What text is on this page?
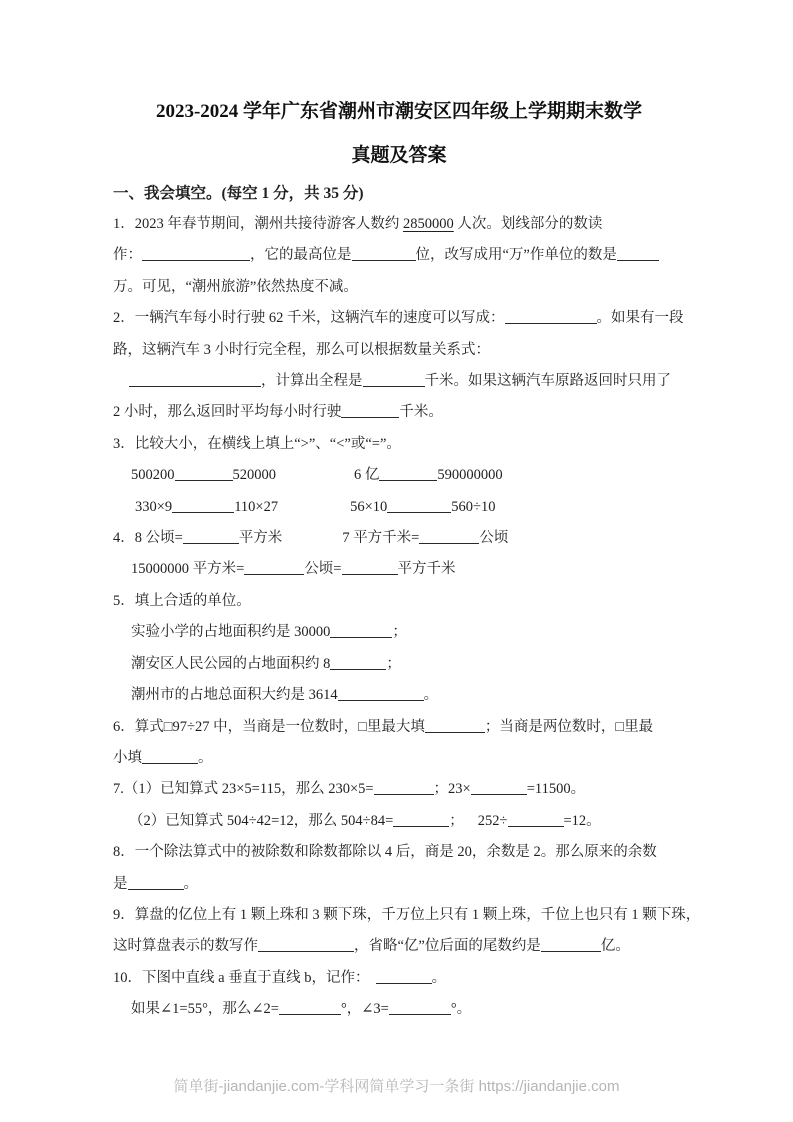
2023-2024 学年广东省潮州市潮安区四年级上学期期末数学
真题及答案
一、我会填空。(每空 1 分，共 35 分)
1．2023 年春节期间，潮州共接待游客人数约 2850000 人次。划线部分的数读
作：	，它的最高位是	位，改写成用“万”作单位的数是
万。可见，“潮州旅游”依然热度不减。
2．一辆汽车每小时行驶 62 千米，这辆汽车的速度可以写成：	。如果有一段
路，这辆汽车 3 小时行完全程，那么可以根据数量关系式：
，计算出全程是	千米。如果这辆汽车原路返回时只用了
2 小时，那么返回时平均每小时行驶	千米。
3．比较大小，在横线上填上“>”、“<”或“=”。
500200	520000	6 亿	590000000
330×9	110×27	56×10	560÷10
4．8 公顷=	平方米	7 平方千米=	公顷
15000000 平方米=	公顷=	平方千米
5．填上合适的单位。
实验小学的占地面积约是 30000	；
潮安区人民公园的占地面积约 8	；
潮州市的占地总面积大约是 3614	。
6．算式□97÷27 中，当商是一位数时，□里最大填	；当商是两位数时，□里最
小填	。
7.（1）已知算式 23×5=115，那么 230×5=	；23×	=11500。
（2）已知算式 504÷42=12，那么 504÷84=	； 252÷	=12。
8．一个除法算式中的被除数和除数都除以 4 后，商是 20，余数是 2。那么原来的余数
是	。
9．算盘的亿位上有 1 颗上珠和 3 颗下珠，千万位上只有 1 颗上珠，千位上也只有 1 颗下珠，
这时算盘表示的数写作	，省略“亿”位后面的尾数约是	亿。
10．下图中直线 a 垂直于直线 b，记作：	。
如果∠1=55°，那么∠2=	°，∠3=	°。
简单街-jiandanjie.com-学科网简单学习一条街 https://jiandanjie.com
